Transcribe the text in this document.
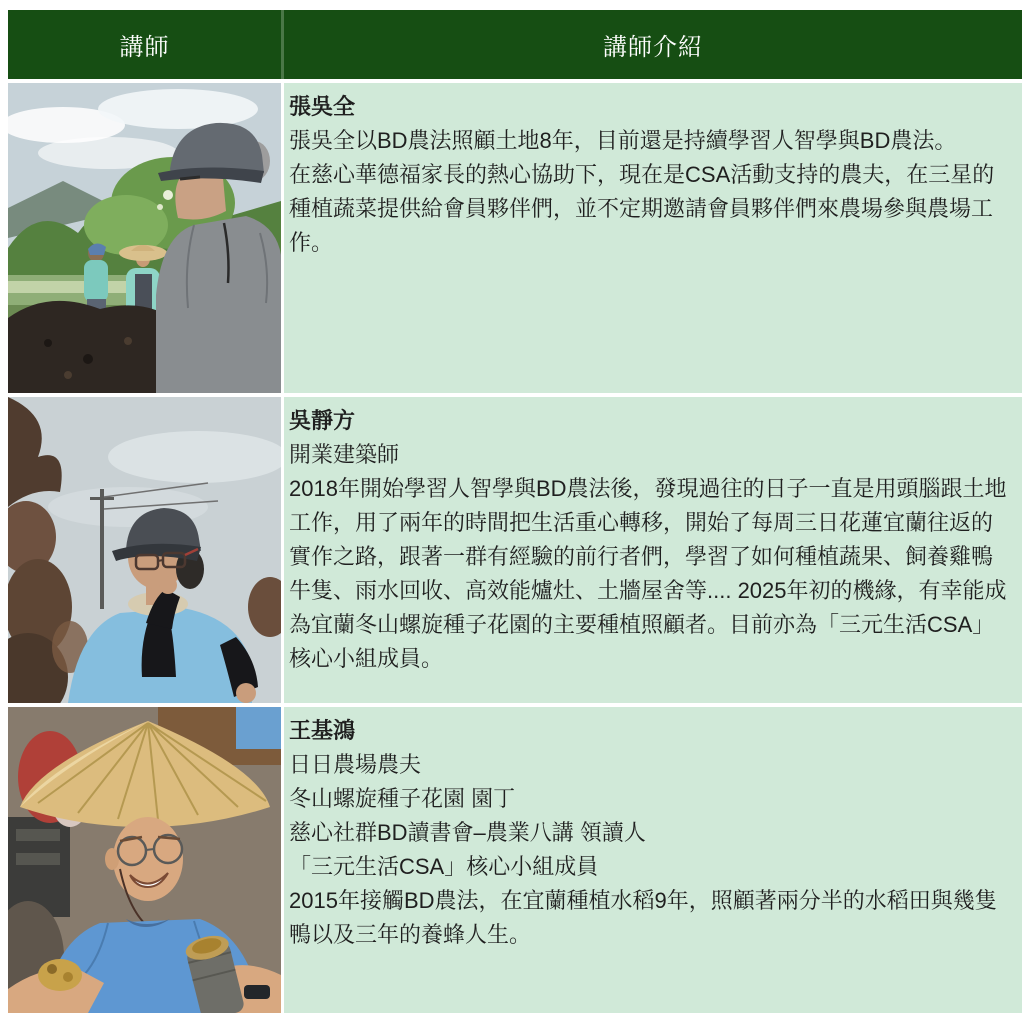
講師	講師介紹
張吳全
張吳全以BD農法照顧土地8年，目前還是持續學習人智學與BD農法。
在慈心華德福家長的熱心協助下，現在是CSA活動支持的農夫，在三星的種植蔬菜提供給會員夥伴們，並不定期邀請會員夥伴們來農場參與農場工作。
吳靜方
開業建築師
2018年開始學習人智學與BD農法後，發現過往的日子一直是用頭腦跟土地工作，用了兩年的時間把生活重心轉移，開始了每周三日花蓮宜蘭往返的實作之路，跟著一群有經驗的前行者們，學習了如何種植蔬果、飼養雞鴨牛隻、雨水回收、高效能爐灶、土牆屋舍等.... 2025年初的機緣，有幸能成為宜蘭冬山螺旋種子花園的主要種植照顧者。目前亦為「三元生活CSA」 核心小組成員。
王基鴻
日日農場農夫
冬山螺旋種子花園 園丁
慈心社群BD讀書會–農業八講 領讀人
「三元生活CSA」核心小組成員
2015年接觸BD農法，在宜蘭種植水稻9年，照顧著兩分半的水稻田與幾隻鴨以及三年的養蜂人生。
